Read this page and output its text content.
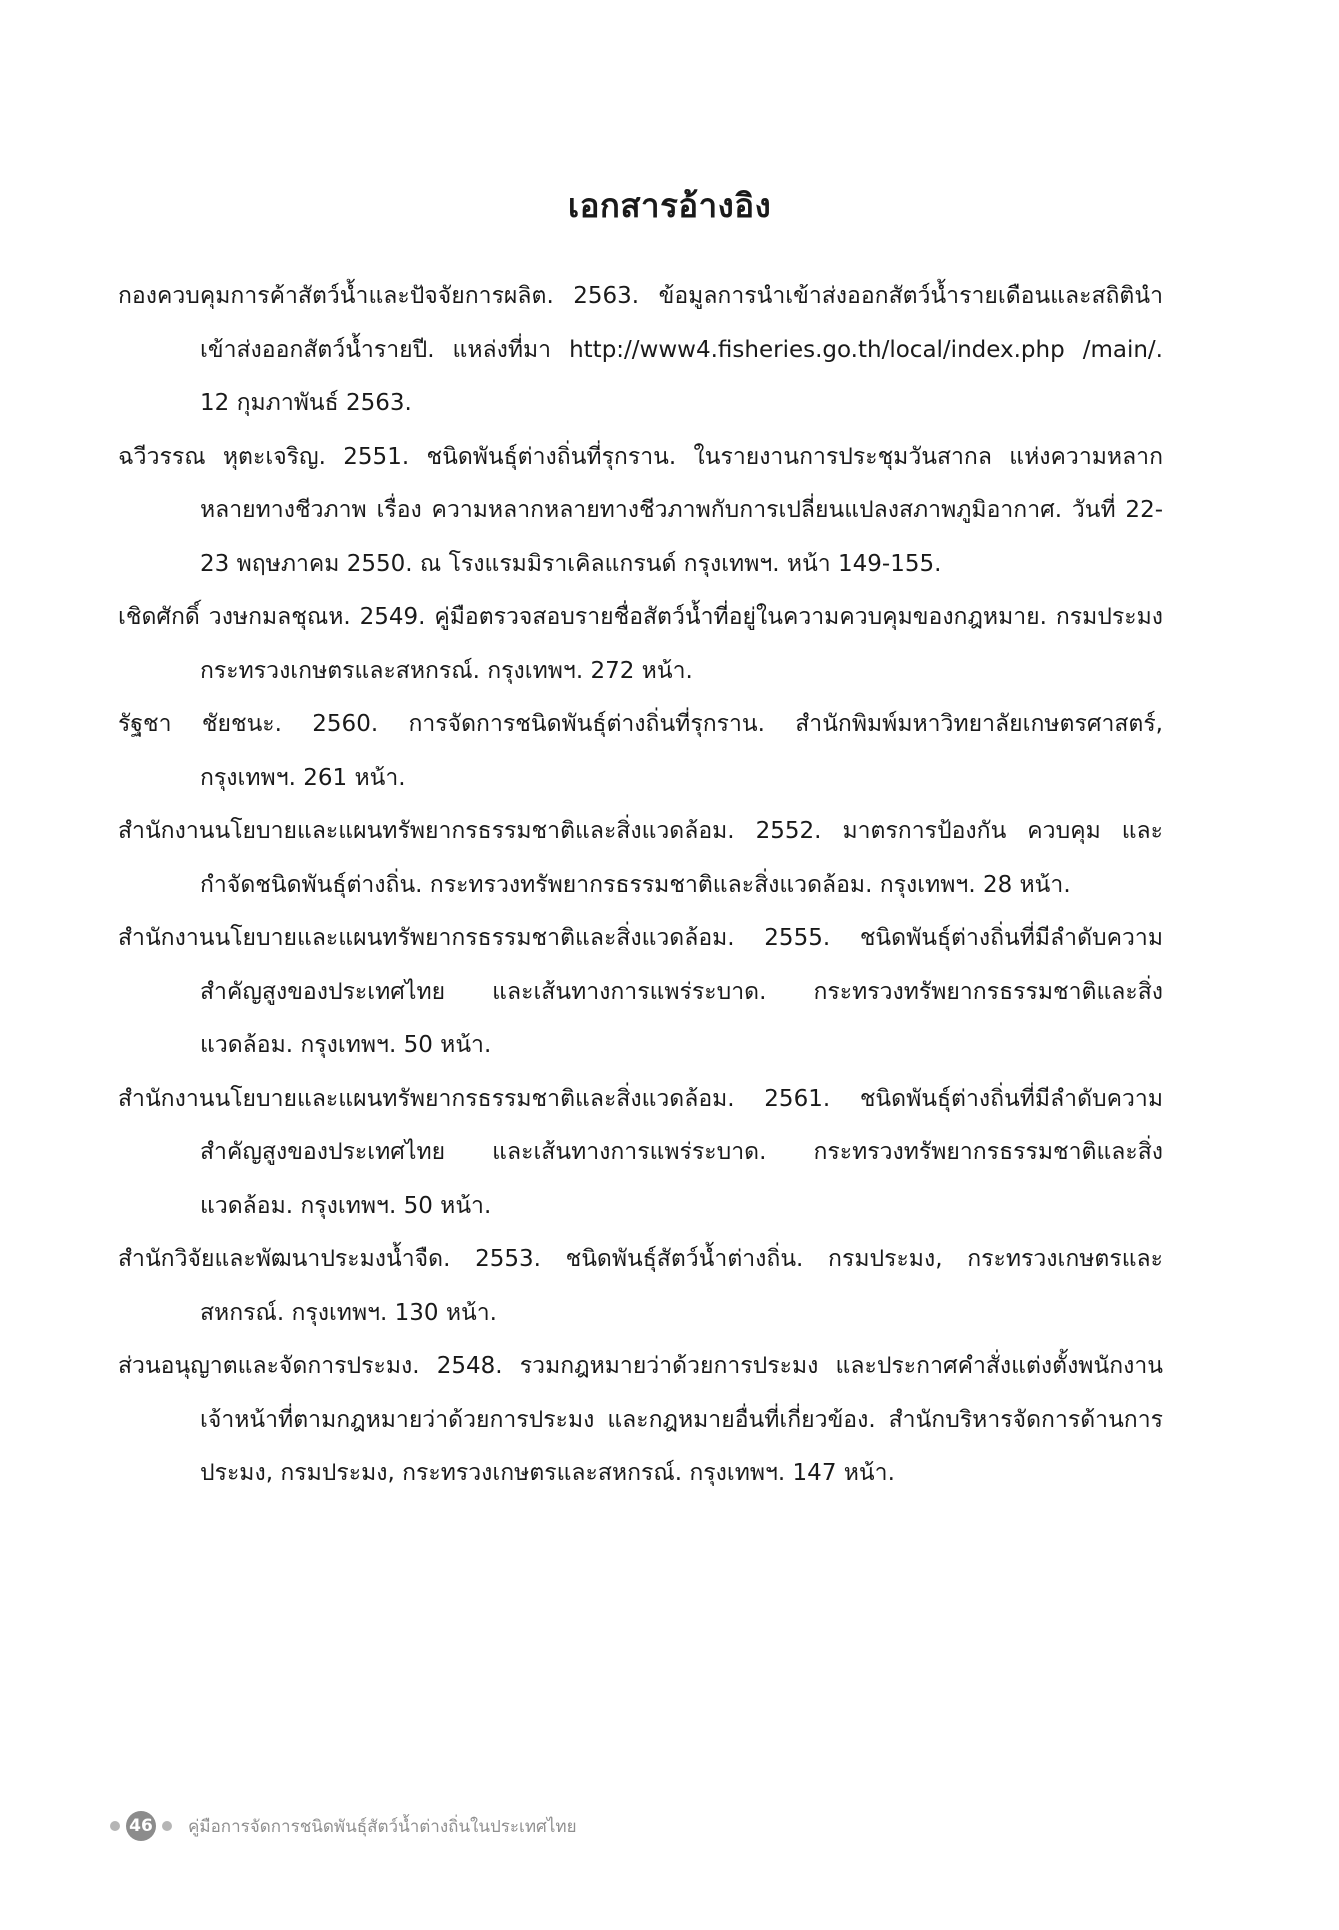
เอกสารอ้างอิง
กองควบคุมการค้าสัตว์น้ำและปัจจัยการผลิต. 2563. ข้อมูลการนำเข้าส่งออกสัตว์น้ำรายเดือนและสถิตินำเข้าส่งออกสัตว์น้ำรายปี. แหล่งที่มา http://www4.fisheries.go.th/local/index.php /main/. 12 กุมภาพันธ์ 2563.
ฉวีวรรณ หุตะเจริญ. 2551. ชนิดพันธุ์ต่างถิ่นที่รุกราน. ในรายงานการประชุมวันสากล แห่งความหลากหลายทางชีวภาพ เรื่อง ความหลากหลายทางชีวภาพกับการเปลี่ยนแปลงสภาพภูมิอากาศ. วันที่ 22-23 พฤษภาคม 2550. ณ โรงแรมมิราเคิลแกรนด์ กรุงเทพฯ. หน้า 149-155.
เชิดศักดิ์ วงษกมลชุณห. 2549. คู่มือตรวจสอบรายชื่อสัตว์น้ำที่อยู่ในความควบคุมของกฎหมาย. กรมประมง กระทรวงเกษตรและสหกรณ์. กรุงเทพฯ. 272 หน้า.
รัฐชา ชัยชนะ. 2560. การจัดการชนิดพันธุ์ต่างถิ่นที่รุกราน. สำนักพิมพ์มหาวิทยาลัยเกษตรศาสตร์, กรุงเทพฯ. 261 หน้า.
สำนักงานนโยบายและแผนทรัพยากรธรรมชาติและสิ่งแวดล้อม. 2552. มาตรการป้องกัน ควบคุม และกำจัดชนิดพันธุ์ต่างถิ่น. กระทรวงทรัพยากรธรรมชาติและสิ่งแวดล้อม. กรุงเทพฯ. 28 หน้า.
สำนักงานนโยบายและแผนทรัพยากรธรรมชาติและสิ่งแวดล้อม. 2555. ชนิดพันธุ์ต่างถิ่นที่มีลำดับความสำคัญสูงของประเทศไทย และเส้นทางการแพร่ระบาด. กระทรวงทรัพยากรธรรมชาติและสิ่งแวดล้อม. กรุงเทพฯ. 50 หน้า.
สำนักงานนโยบายและแผนทรัพยากรธรรมชาติและสิ่งแวดล้อม. 2561. ชนิดพันธุ์ต่างถิ่นที่มีลำดับความสำคัญสูงของประเทศไทย และเส้นทางการแพร่ระบาด. กระทรวงทรัพยากรธรรมชาติและสิ่งแวดล้อม. กรุงเทพฯ. 50 หน้า.
สำนักวิจัยและพัฒนาประมงน้ำจืด. 2553. ชนิดพันธุ์สัตว์น้ำต่างถิ่น. กรมประมง, กระทรวงเกษตรและสหกรณ์. กรุงเทพฯ. 130 หน้า.
ส่วนอนุญาตและจัดการประมง. 2548. รวมกฎหมายว่าด้วยการประมง และประกาศคำสั่งแต่งตั้งพนักงานเจ้าหน้าที่ตามกฎหมายว่าด้วยการประมง และกฎหมายอื่นที่เกี่ยวข้อง. สำนักบริหารจัดการด้านการประมง, กรมประมง, กระทรวงเกษตรและสหกรณ์. กรุงเทพฯ. 147 หน้า.
46 คู่มือการจัดการชนิดพันธุ์สัตว์น้ำต่างถิ่นในประเทศไทย
